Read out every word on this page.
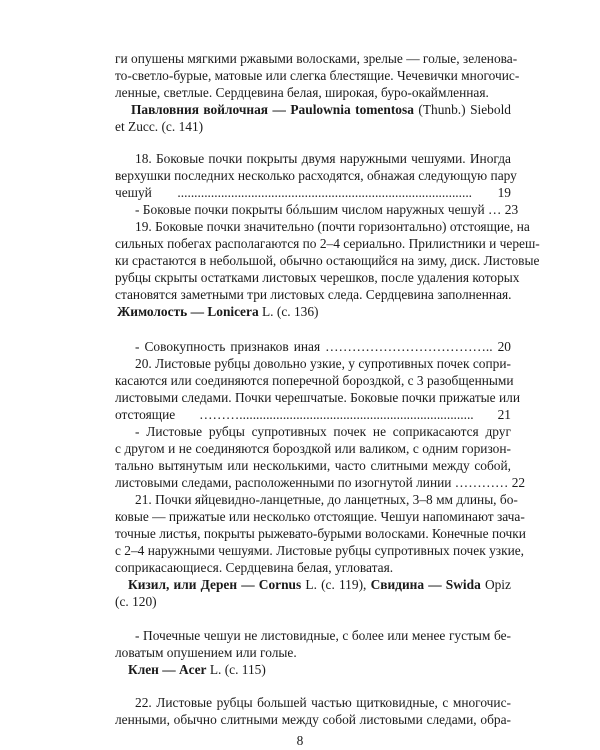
ги опушены мягкими ржавыми волосками, зрелые — голые, зеленова-

то-светло-бурые, матовые или слегка блестящие. Чечевички многочис-

ленные, светлые. Сердцевина белая, широкая, буро-окаймленная.

Павловния войлочная — Paulownia tomentosa (Thunb.) Siebold

et Zucc. (с. 141)

18. Боковые почки покрыты двумя наружными чешуями. Иногда

верхушки последних несколько расходятся, обнажая следующую пару

чешуй ........................................................................................ 19

- Боковые почки покрыты бóльшим числом наружных чешуй … 23

19. Боковые почки значительно (почти горизонтально) отстоящие, на

сильных побегах располагаются по 2–4 сериально. Прилистники и череш-

ки срастаются в небольшой, обычно остающийся на зиму, диск. Листовые

рубцы скрыты остатками листовых черешков, после удаления которых

становятся заметными три листовых следа. Сердцевина заполненная.

Жимолость — Lonicera L. (с. 136)

- Совокупность признаков иная ……………………………….. 20

20. Листовые рубцы довольно узкие, у супротивных почек сопри-

касаются или соединяются поперечной бороздкой, с 3 разобщенными

листовыми следами. Почки черешчатые. Боковые почки прижатые или

отстоящие ………...................................................................... 21

- Листовые рубцы супротивных почек не соприкасаются друг

с другом и не соединяются бороздкой или валиком, с одним горизон-

тально вытянутым или несколькими, часто слитными между собой,

листовыми следами, расположенными по изогнутой линии ………… 22

21. Почки яйцевидно-ланцетные, до ланцетных, 3–8 мм длины, бо-

ковые — прижатые или несколько отстоящие. Чешуи напоминают зача-

точные листья, покрыты рыжевато-бурыми волосками. Конечные почки

с 2–4 наружными чешуями. Листовые рубцы супротивных почек узкие,

соприкасающиеся. Сердцевина белая, угловатая.

Кизил, или Дерен — Cornus L. (с. 119), Свидина — Swida Opiz

(с. 120)

- Почечные чешуи не листовидные, с более или менее густым бе-

ловатым опушением или голые.

Клен — Acer L. (с. 115)

22. Листовые рубцы большей частью щитковидные, с многочис-

ленными, обычно слитными между собой листовыми следами, обра-

8
